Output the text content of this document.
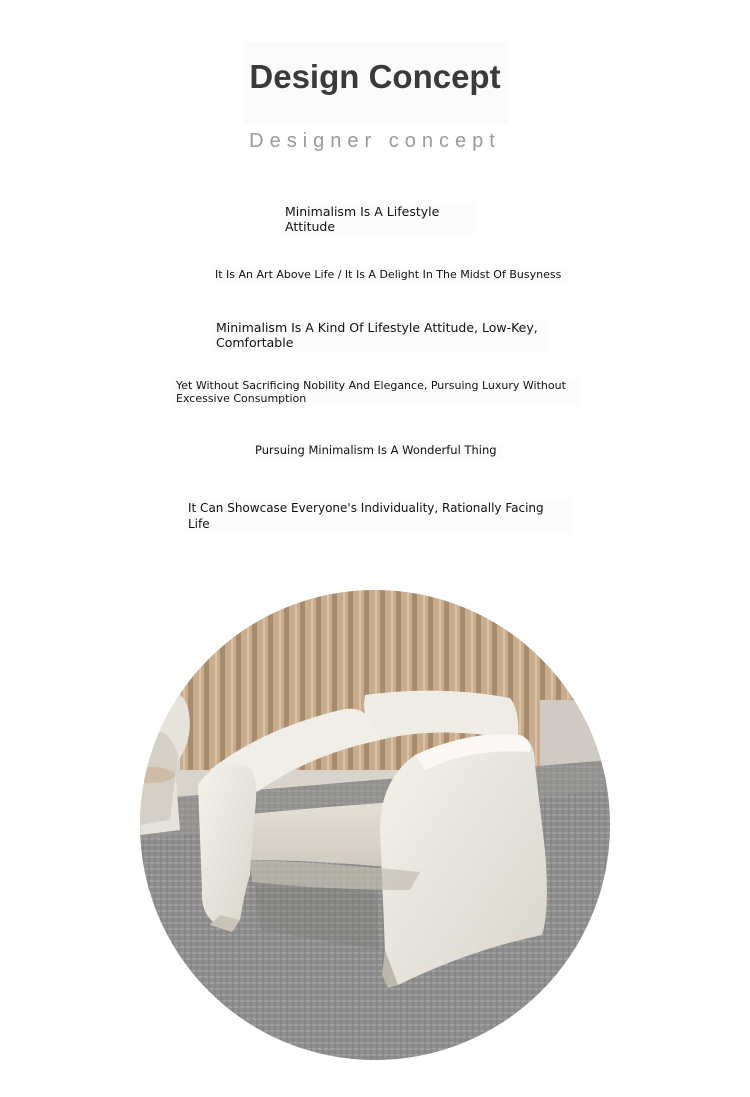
Design Concept
Designer concept
Minimalism Is A Lifestyle Attitude
It Is An Art Above Life / It Is A Delight In The Midst Of Busyness
Minimalism Is A Kind Of Lifestyle Attitude, Low-Key, Comfortable
Yet Without Sacrificing Nobility And Elegance, Pursuing Luxury Without Excessive Consumption
Pursuing Minimalism Is A Wonderful Thing
It Can Showcase Everyone's Individuality, Rationally Facing Life
